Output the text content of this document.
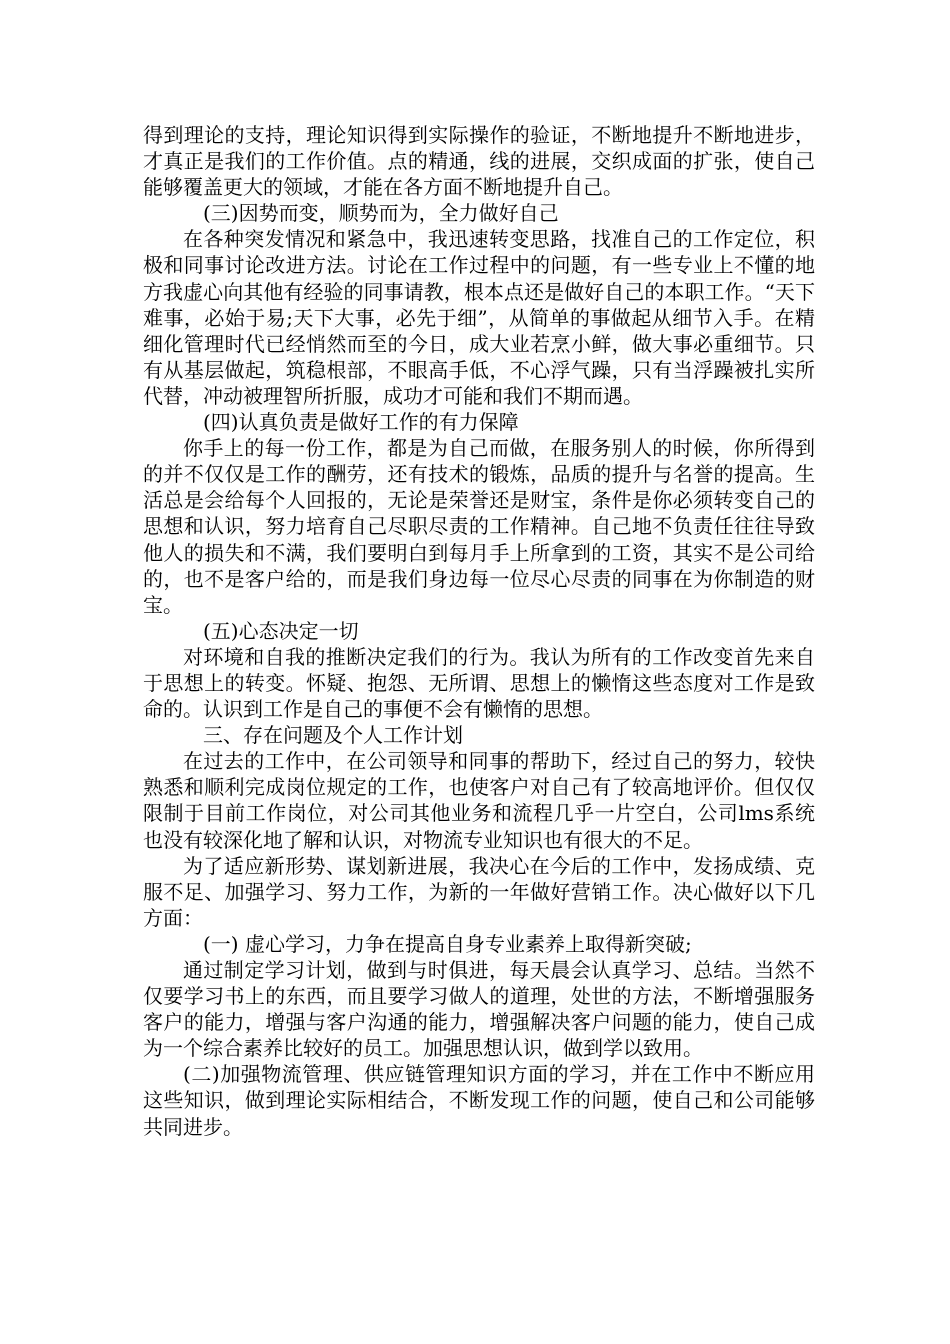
得到理论的支持，理论知识得到实际操作的验证，不断地提升不断地进步，才真正是我们的工作价值。点的精通，线的进展，交织成面的扩张，使自己能够覆盖更大的领域，才能在各方面不断地提升自己。

(三)因势而变，顺势而为，全力做好自己

在各种突发情况和紧急中，我迅速转变思路，找准自己的工作定位，积极和同事讨论改进方法。讨论在工作过程中的问题，有一些专业上不懂的地方我虚心向其他有经验的同事请教，根本点还是做好自己的本职工作。“天下难事，必始于易;天下大事，必先于细”，从简单的事做起从细节入手。在精细化管理时代已经悄然而至的今日，成大业若烹小鲜，做大事必重细节。只有从基层做起，筑稳根部，不眼高手低，不心浮气躁，只有当浮躁被扎实所代替，冲动被理智所折服，成功才可能和我们不期而遇。

(四)认真负责是做好工作的有力保障

你手上的每一份工作，都是为自己而做，在服务别人的时候，你所得到的并不仅仅是工作的酬劳，还有技术的锻炼，品质的提升与名誉的提高。生活总是会给每个人回报的，无论是荣誉还是财宝，条件是你必须转变自己的思想和认识，努力培育自己尽职尽责的工作精神。自己地不负责任往往导致他人的损失和不满，我们要明白到每月手上所拿到的工资，其实不是公司给的，也不是客户给的，而是我们身边每一位尽心尽责的同事在为你制造的财宝。

(五)心态决定一切

对环境和自我的推断决定我们的行为。我认为所有的工作改变首先来自于思想上的转变。怀疑、抱怨、无所谓、思想上的懒惰这些态度对工作是致命的。认识到工作是自己的事便不会有懒惰的思想。

三、存在问题及个人工作计划

在过去的工作中，在公司领导和同事的帮助下，经过自己的努力，较快熟悉和顺利完成岗位规定的工作，也使客户对自己有了较高地评价。但仅仅限制于目前工作岗位，对公司其他业务和流程几乎一片空白，公司lms系统也没有较深化地了解和认识，对物流专业知识也有很大的不足。

为了适应新形势、谋划新进展，我决心在今后的工作中，发扬成绩、克服不足、加强学习、努力工作，为新的一年做好营销工作。决心做好以下几方面：

(一) 虚心学习，力争在提高自身专业素养上取得新突破;

通过制定学习计划，做到与时俱进，每天晨会认真学习、总结。当然不仅要学习书上的东西，而且要学习做人的道理，处世的方法，不断增强服务客户的能力，增强与客户沟通的能力，增强解决客户问题的能力，使自己成为一个综合素养比较好的员工。加强思想认识，做到学以致用。

(二)加强物流管理、供应链管理知识方面的学习，并在工作中不断应用这些知识，做到理论实际相结合，不断发现工作的问题，使自己和公司能够共同进步。
